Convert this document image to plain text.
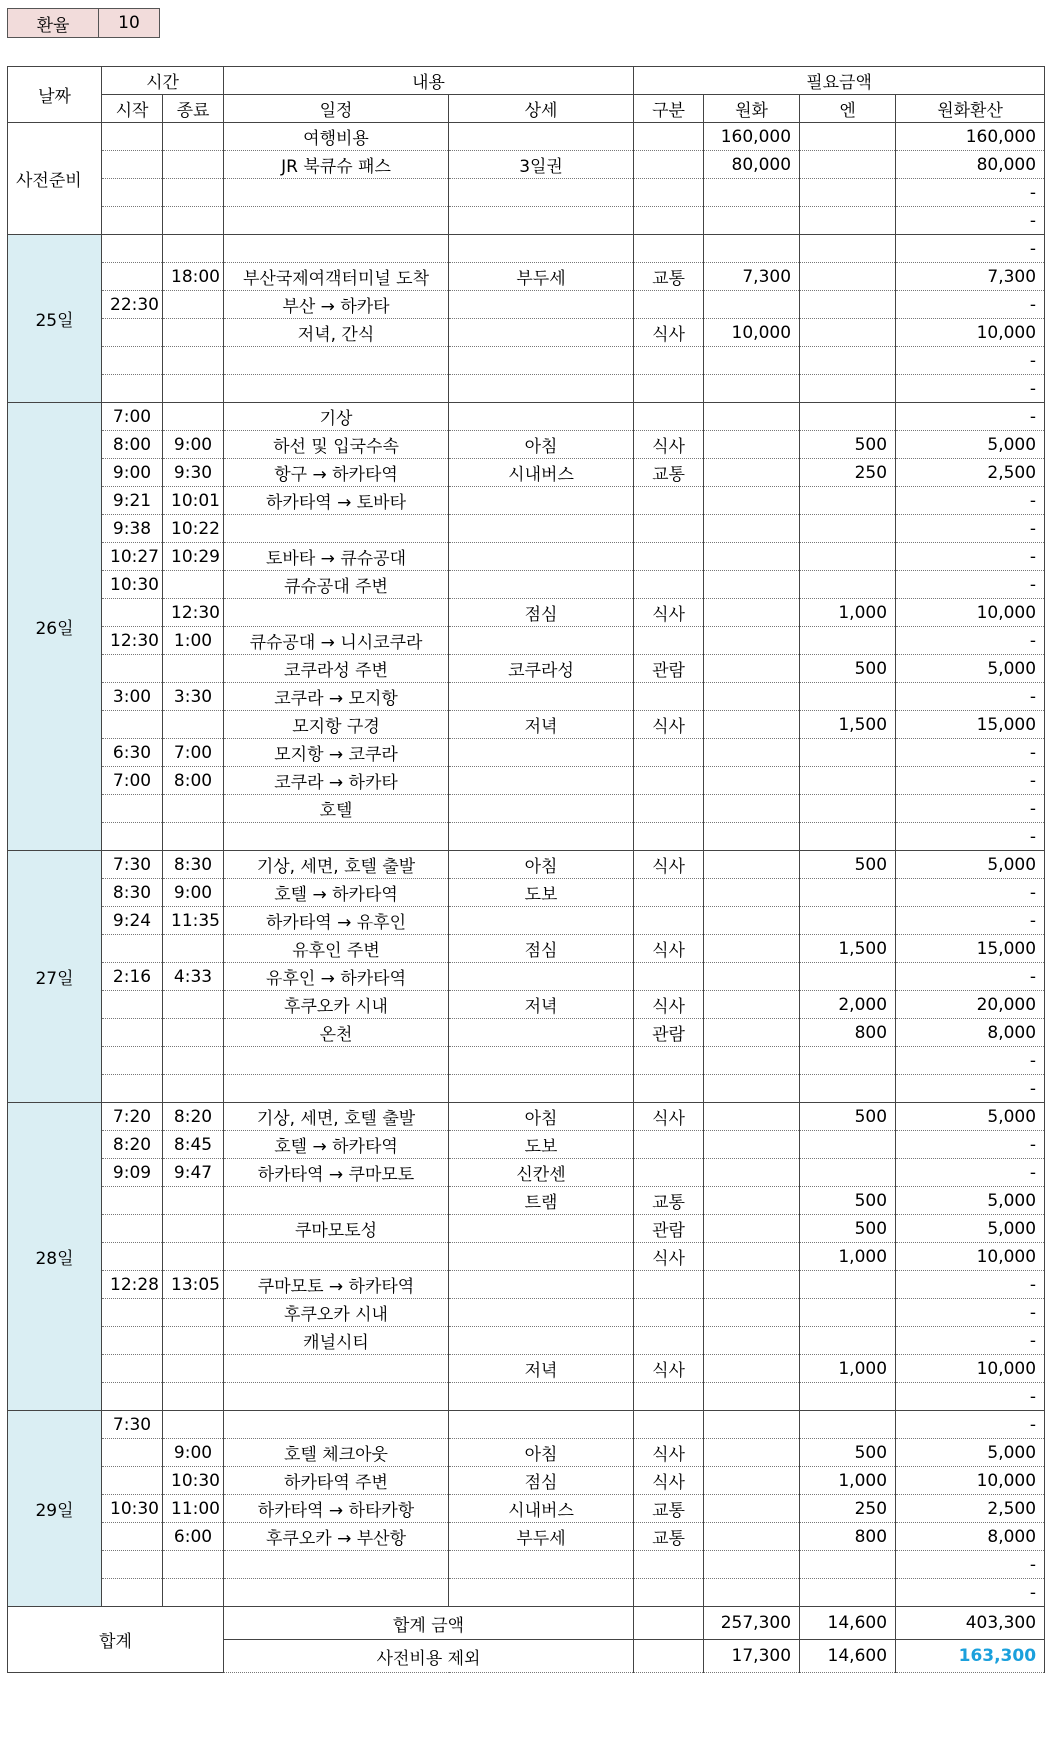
환율	10
날짜	시간		내용		필요금액			
	시작	종료	일정	상세	구분	원화	엔	원화환산
사전준비			여행비용			160,000		160,000
			JR 북큐슈 패스	3일권		80,000		80,000
								-
								-
25일								-
		18:00	부산국제여객터미널 도착	부두세	교통	7,300		7,300
	22:30		부산 → 하카타					-
			저녁, 간식		식사	10,000		10,000
								-
								-
26일	7:00		기상					-
	8:00	9:00	하선 및 입국수속	아침	식사		500	5,000
	9:00	9:30	항구 → 하카타역	시내버스	교통		250	2,500
	9:21	10:01	하카타역 → 토바타					-
	9:38	10:22						-
	10:27	10:29	토바타 → 큐슈공대					-
	10:30		큐슈공대 주변					-
		12:30		점심	식사		1,000	10,000
	12:30	1:00	큐슈공대 → 니시코쿠라					-
			코쿠라성 주변	코쿠라성	관람		500	5,000
	3:00	3:30	코쿠라 → 모지항					-
			모지항 구경	저녁	식사		1,500	15,000
	6:30	7:00	모지항 → 코쿠라					-
	7:00	8:00	코쿠라 → 하카타					-
			호텔					-
								-
27일	7:30	8:30	기상, 세면, 호텔 출발	아침	식사		500	5,000
	8:30	9:00	호텔 → 하카타역	도보				-
	9:24	11:35	하카타역 → 유후인					-
			유후인 주변	점심	식사		1,500	15,000
	2:16	4:33	유후인 → 하카타역					-
			후쿠오카 시내	저녁	식사		2,000	20,000
			온천		관람		800	8,000
								-
								-
28일	7:20	8:20	기상, 세면, 호텔 출발	아침	식사		500	5,000
	8:20	8:45	호텔 → 하카타역	도보				-
	9:09	9:47	하카타역 → 쿠마모토	신칸센				-
				트램	교통		500	5,000
			쿠마모토성		관람		500	5,000
					식사		1,000	10,000
	12:28	13:05	쿠마모토 → 하카타역					-
			후쿠오카 시내					-
			캐널시티					-
				저녁	식사		1,000	10,000
								-
29일	7:30							-
		9:00	호텔 체크아웃	아침	식사		500	5,000
		10:30	하카타역 주변	점심	식사		1,000	10,000
	10:30	11:00	하카타역 → 하타카항	시내버스	교통		250	2,500
		6:00	후쿠오카 → 부산항	부두세	교통		800	8,000
								-
								-
합계			합계 금액			257,300	14,600	403,300
			사전비용 제외			17,300	14,600	163,300
